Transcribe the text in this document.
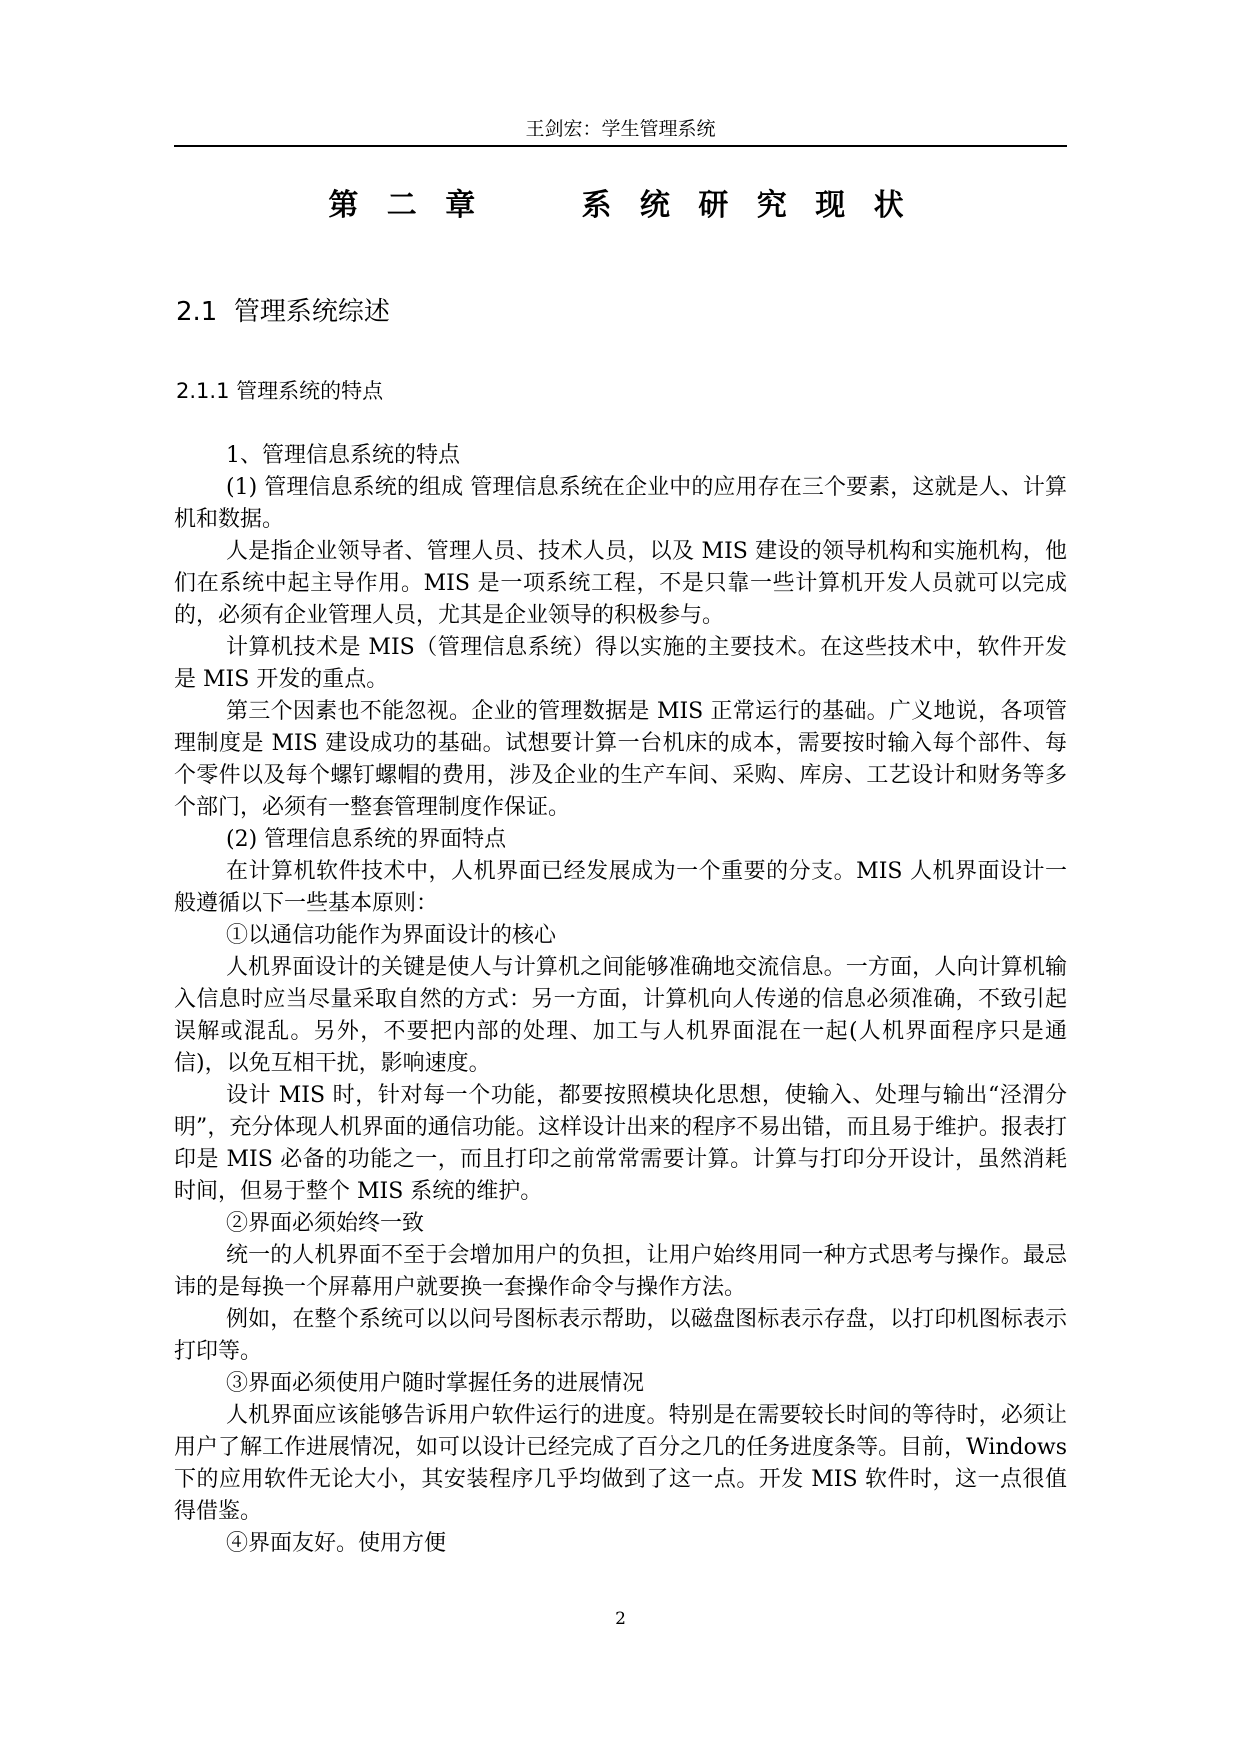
王剑宏：学生管理系统
第 二 章     系 统 研 究 现 状
2.1  管理系统综述
2.1.1 管理系统的特点

1、管理信息系统的特点

(1) 管理信息系统的组成 管理信息系统在企业中的应用存在三个要素，这就是人、计算机和数据。

人是指企业领导者、管理人员、技术人员，以及 MIS 建设的领导机构和实施机构，他们在系统中起主导作用。MIS 是一项系统工程，不是只靠一些计算机开发人员就可以完成的，必须有企业管理人员，尤其是企业领导的积极参与。

计算机技术是 MIS（管理信息系统）得以实施的主要技术。在这些技术中，软件开发是 MIS 开发的重点。

第三个因素也不能忽视。企业的管理数据是 MIS 正常运行的基础。广义地说，各项管理制度是 MIS 建设成功的基础。试想要计算一台机床的成本，需要按时输入每个部件、每个零件以及每个螺钉螺帽的费用，涉及企业的生产车间、采购、库房、工艺设计和财务等多个部门，必须有一整套管理制度作保证。

(2) 管理信息系统的界面特点

在计算机软件技术中，人机界面已经发展成为一个重要的分支。MIS 人机界面设计一般遵循以下一些基本原则：

①以通信功能作为界面设计的核心

人机界面设计的关键是使人与计算机之间能够准确地交流信息。一方面，人向计算机输入信息时应当尽量采取自然的方式：另一方面，计算机向人传递的信息必须准确，不致引起误解或混乱。另外，不要把内部的处理、加工与人机界面混在一起(人机界面程序只是通信)，以免互相干扰，影响速度。

设计 MIS 时，针对每一个功能，都要按照模块化思想，使输入、处理与输出“泾渭分明”，充分体现人机界面的通信功能。这样设计出来的程序不易出错，而且易于维护。报表打印是 MIS 必备的功能之一，而且打印之前常常需要计算。计算与打印分开设计，虽然消耗时间，但易于整个 MIS 系统的维护。

②界面必须始终一致

统一的人机界面不至于会增加用户的负担，让用户始终用同一种方式思考与操作。最忌讳的是每换一个屏幕用户就要换一套操作命令与操作方法。

例如，在整个系统可以以问号图标表示帮助，以磁盘图标表示存盘，以打印机图标表示打印等。

③界面必须使用户随时掌握任务的进展情况

人机界面应该能够告诉用户软件运行的进度。特别是在需要较长时间的等待时，必须让用户了解工作进展情况，如可以设计已经完成了百分之几的任务进度条等。目前，Windows 下的应用软件无论大小，其安装程序几乎均做到了这一点。开发 MIS 软件时，这一点很值得借鉴。

④界面友好。使用方便

2
